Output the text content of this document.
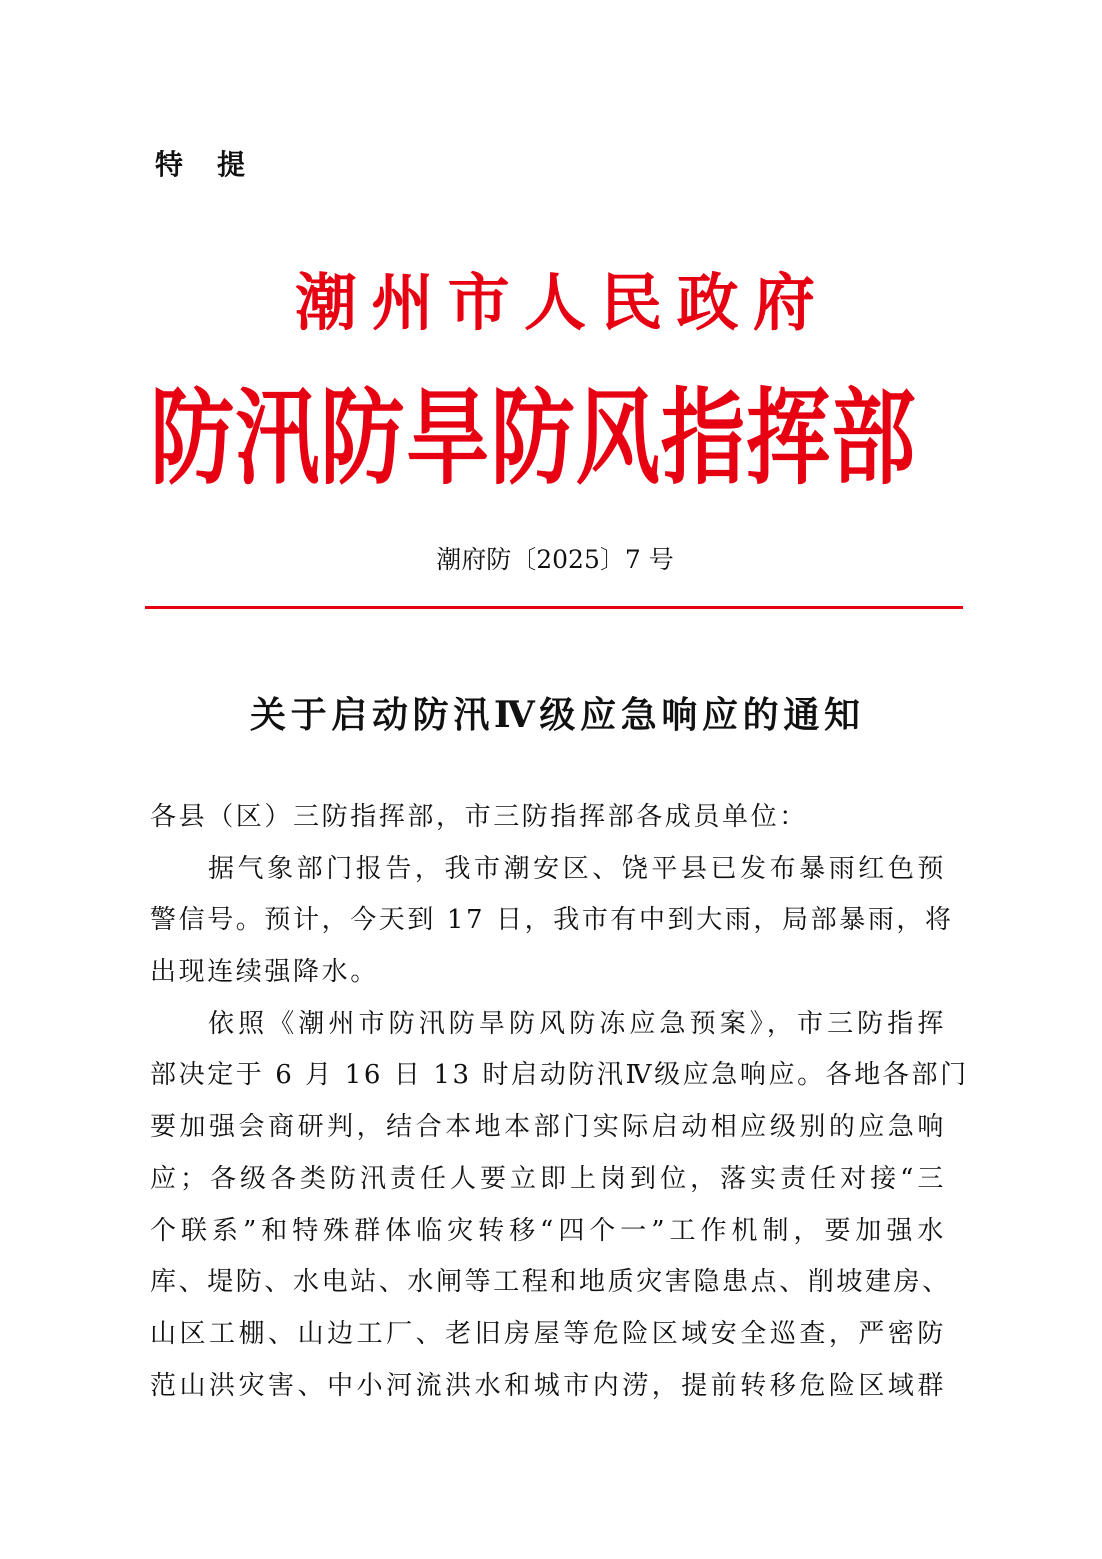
特 提
潮州市人民政府
防汛防旱防风指挥部
潮府防〔2025〕7 号
关于启动防汛Ⅳ级应急响应的通知
各县（区）三防指挥部，市三防指挥部各成员单位：
据气象部门报告，我市潮安区、饶平县已发布暴雨红色预
警信号。预计，今天到 17 日，我市有中到大雨，局部暴雨，将
出现连续强降水。
依照《潮州市防汛防旱防风防冻应急预案》，市三防指挥
部决定于 6 月 16 日 13 时启动防汛Ⅳ级应急响应。各地各部门
要加强会商研判，结合本地本部门实际启动相应级别的应急响
应；各级各类防汛责任人要立即上岗到位，落实责任对接“三
个联系”和特殊群体临灾转移“四个一”工作机制，要加强水
库、堤防、水电站、水闸等工程和地质灾害隐患点、削坡建房、
山区工棚、山边工厂、老旧房屋等危险区域安全巡查，严密防
范山洪灾害、中小河流洪水和城市内涝，提前转移危险区域群
